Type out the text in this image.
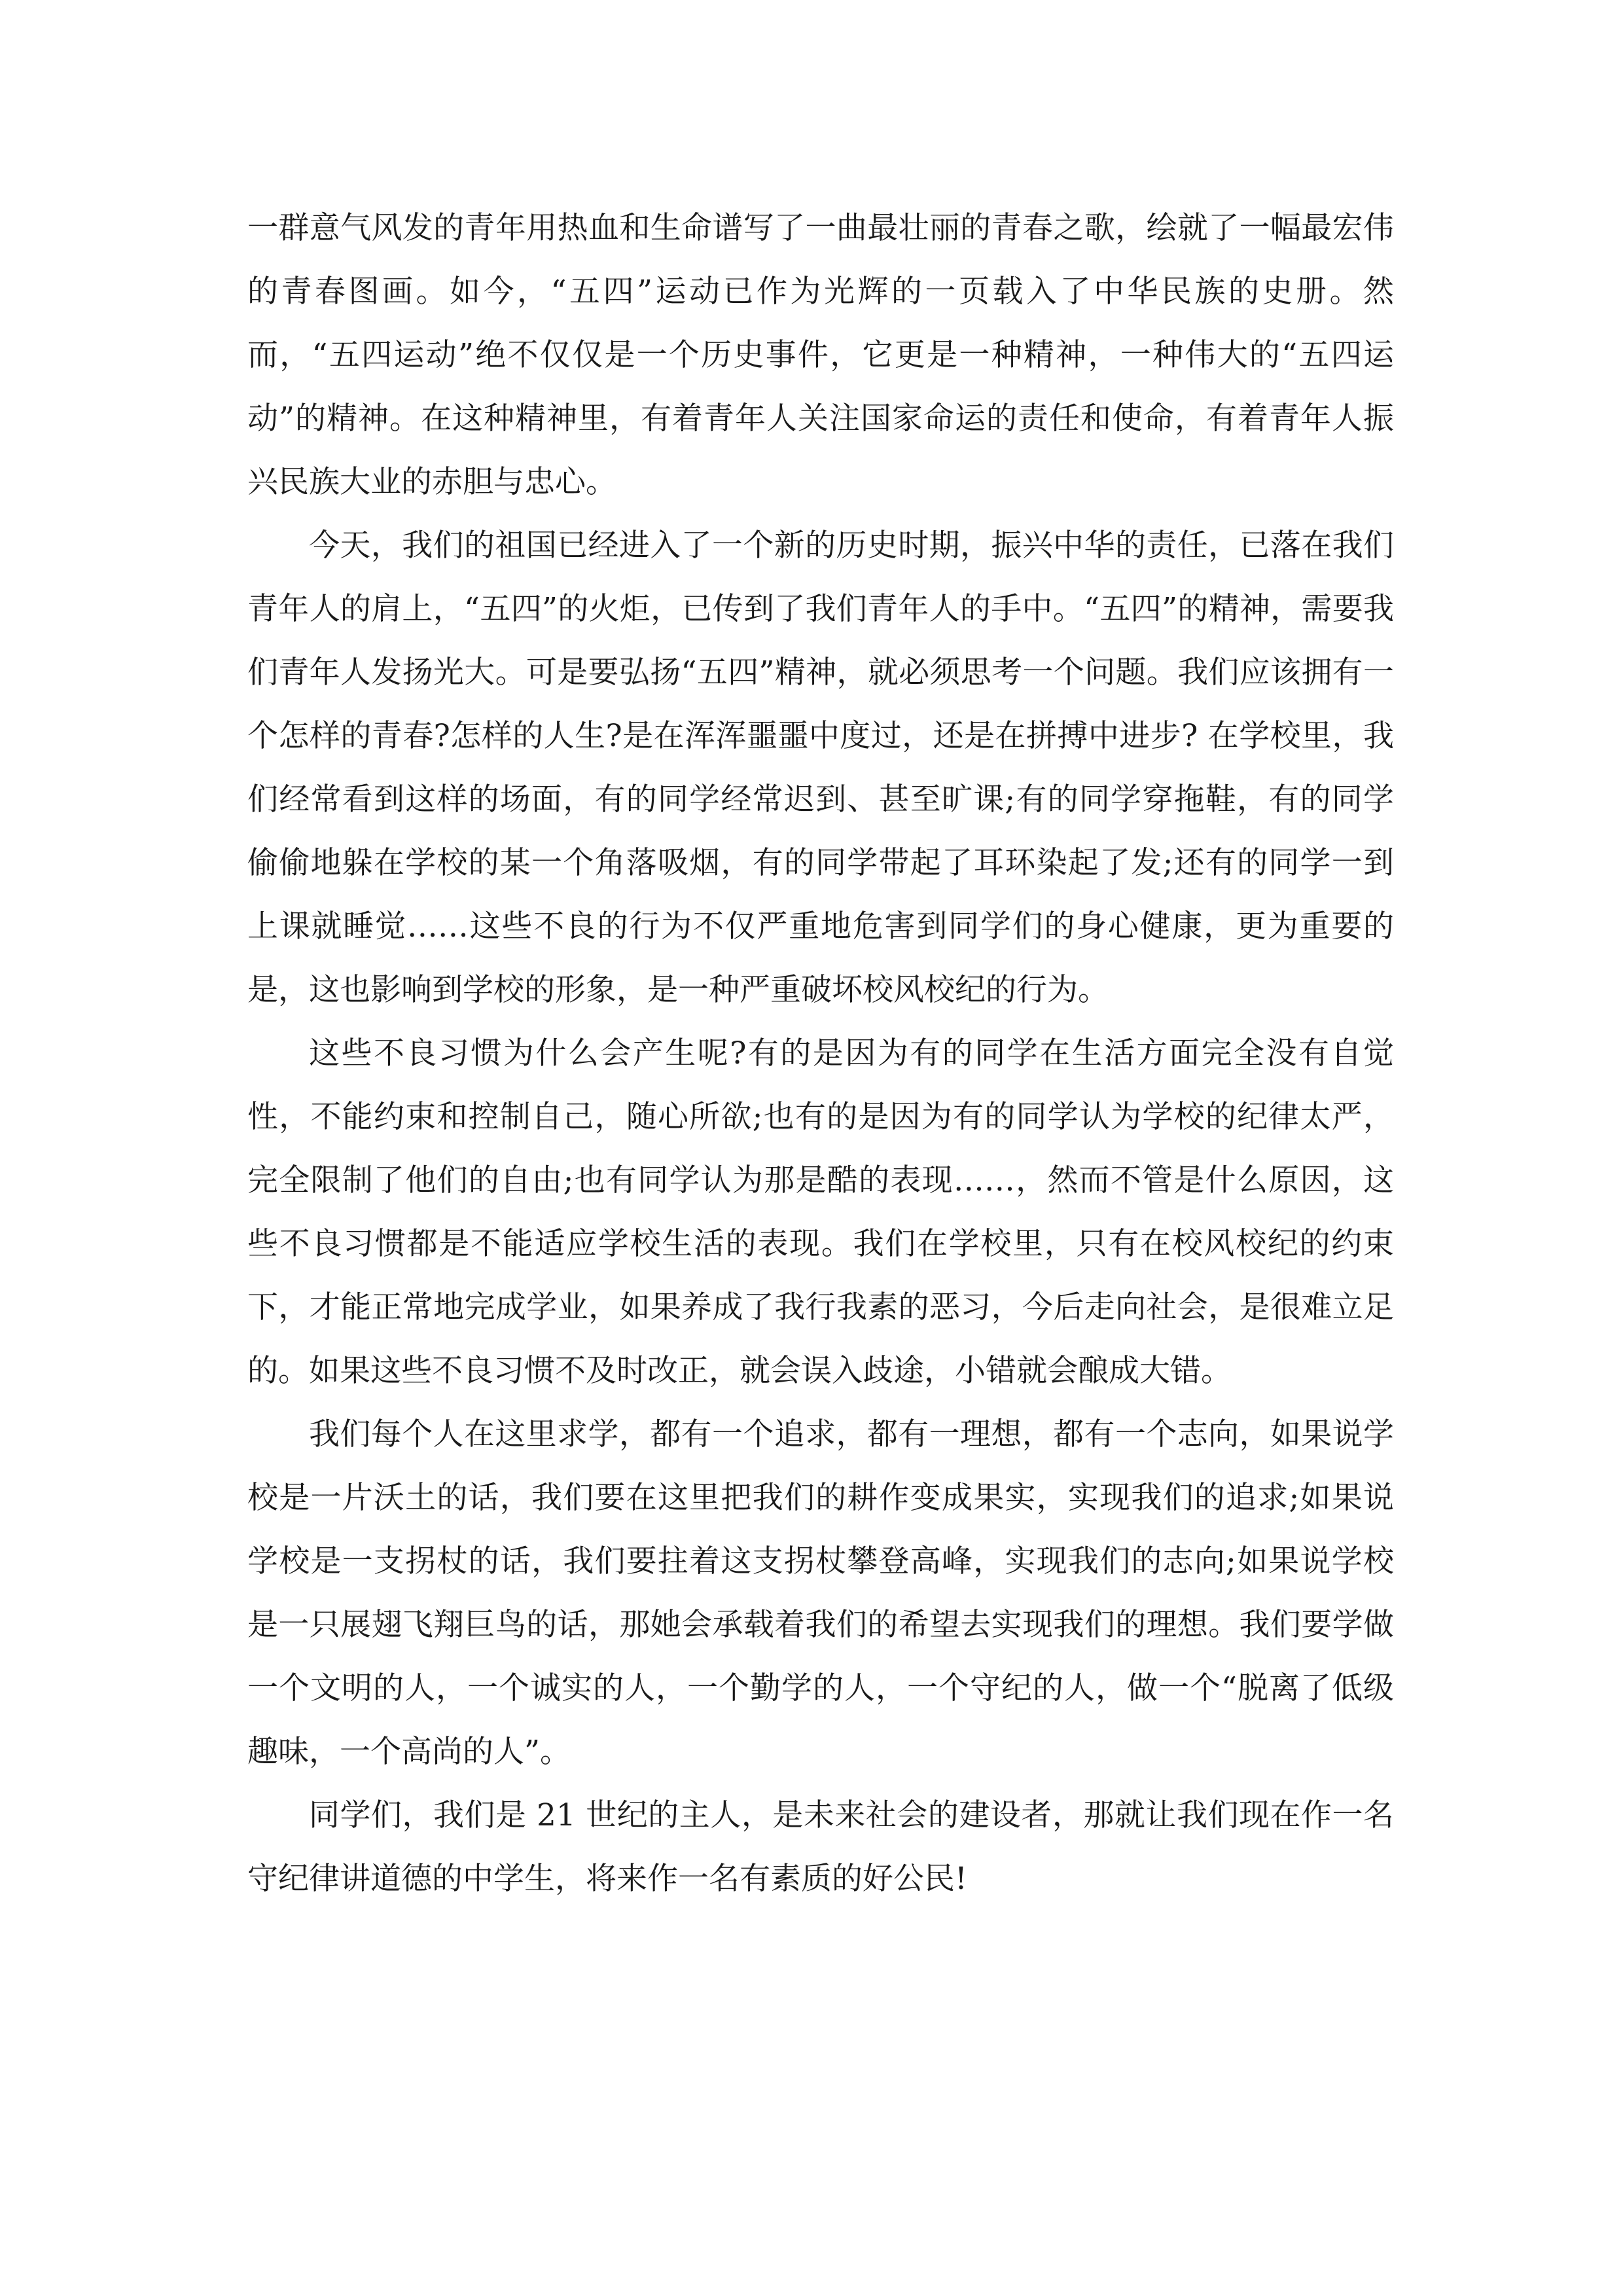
一群意气风发的青年用热血和生命谱写了一曲最壮丽的青春之歌，绘就了一幅最宏伟的青春图画。如今，“五四”运动已作为光辉的一页载入了中华民族的史册。然而，“五四运动”绝不仅仅是一个历史事件，它更是一种精神，一种伟大的“五四运动”的精神。在这种精神里，有着青年人关注国家命运的责任和使命，有着青年人振兴民族大业的赤胆与忠心。

今天，我们的祖国已经进入了一个新的历史时期，振兴中华的责任，已落在我们青年人的肩上，“五四”的火炬，已传到了我们青年人的手中。“五四”的精神，需要我们青年人发扬光大。可是要弘扬“五四”精神，就必须思考一个问题。我们应该拥有一个怎样的青春?怎样的人生?是在浑浑噩噩中度过，还是在拼搏中进步? 在学校里，我们经常看到这样的场面，有的同学经常迟到、甚至旷课;有的同学穿拖鞋，有的同学偷偷地躲在学校的某一个角落吸烟，有的同学带起了耳环染起了发;还有的同学一到上课就睡觉……这些不良的行为不仅严重地危害到同学们的身心健康，更为重要的是，这也影响到学校的形象，是一种严重破坏校风校纪的行为。

这些不良习惯为什么会产生呢?有的是因为有的同学在生活方面完全没有自觉性，不能约束和控制自己，随心所欲;也有的是因为有的同学认为学校的纪律太严，完全限制了他们的自由;也有同学认为那是酷的表现……，然而不管是什么原因，这些不良习惯都是不能适应学校生活的表现。我们在学校里，只有在校风校纪的约束下，才能正常地完成学业，如果养成了我行我素的恶习，今后走向社会，是很难立足的。如果这些不良习惯不及时改正，就会误入歧途，小错就会酿成大错。

我们每个人在这里求学，都有一个追求，都有一理想，都有一个志向，如果说学校是一片沃土的话，我们要在这里把我们的耕作变成果实，实现我们的追求;如果说学校是一支拐杖的话，我们要拄着这支拐杖攀登高峰，实现我们的志向;如果说学校是一只展翅飞翔巨鸟的话，那她会承载着我们的希望去实现我们的理想。我们要学做一个文明的人，一个诚实的人，一个勤学的人，一个守纪的人，做一个“脱离了低级趣味，一个高尚的人”。

同学们，我们是 21 世纪的主人，是未来社会的建设者，那就让我们现在作一名守纪律讲道德的中学生，将来作一名有素质的好公民!
